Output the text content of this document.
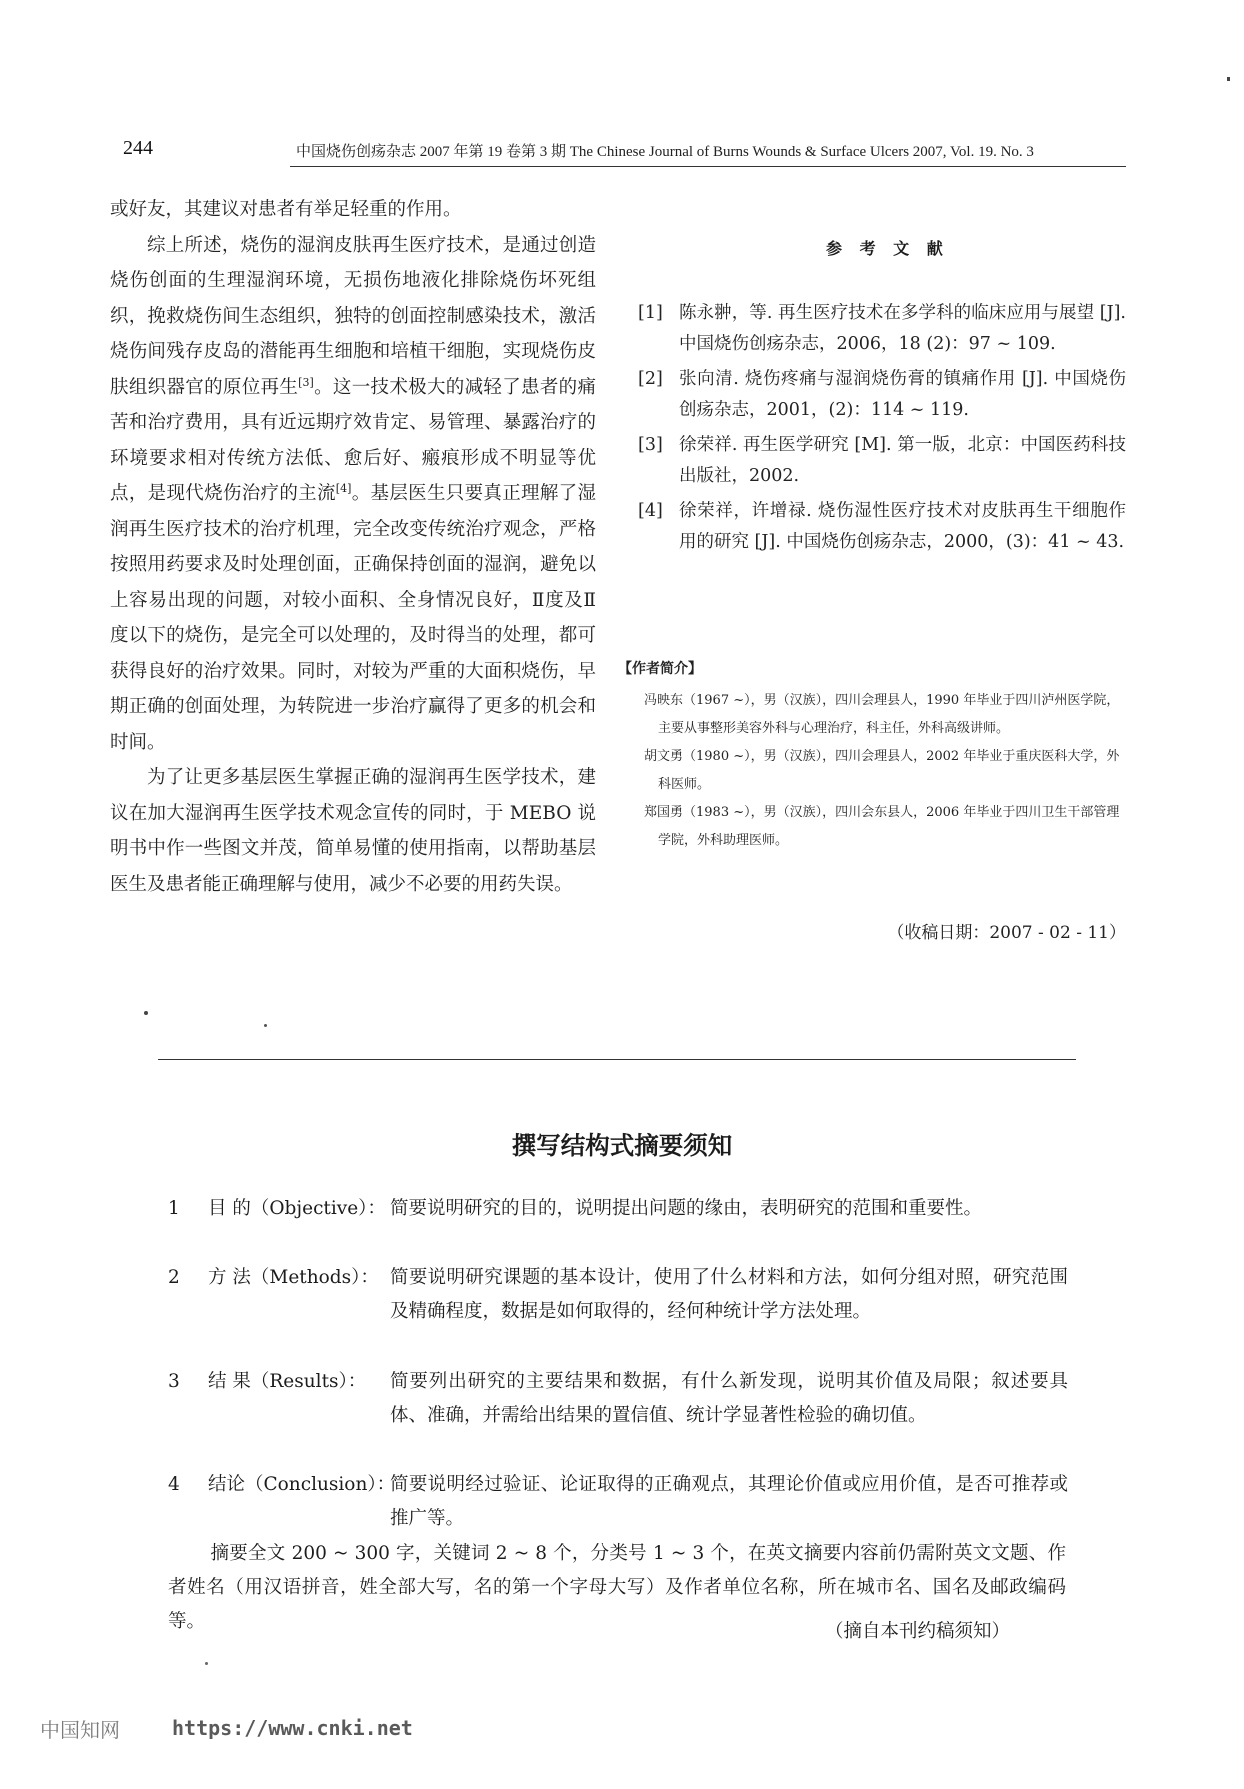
244	中国烧伤创疡杂志 2007 年第 19 卷第 3 期 The Chinese Journal of Burns Wounds & Surface Ulcers 2007, Vol. 19. No. 3

或好友，其建议对患者有举足轻重的作用。

综上所述，烧伤的湿润皮肤再生医疗技术，是通过创造烧伤创面的生理湿润环境，无损伤地液化排除烧伤坏死组织，挽救烧伤间生态组织，独特的创面控制感染技术，激活烧伤间残存皮岛的潜能再生细胞和培植干细胞，实现烧伤皮肤组织器官的原位再生[3]。这一技术极大的减轻了患者的痛苦和治疗费用，具有近远期疗效肯定、易管理、暴露治疗的环境要求相对传统方法低、愈后好、瘢痕形成不明显等优点，是现代烧伤治疗的主流[4]。基层医生只要真正理解了湿润再生医疗技术的治疗机理，完全改变传统治疗观念，严格按照用药要求及时处理创面，正确保持创面的湿润，避免以上容易出现的问题，对较小面积、全身情况良好，Ⅱ度及Ⅱ度以下的烧伤，是完全可以处理的，及时得当的处理，都可获得良好的治疗效果。同时，对较为严重的大面积烧伤，早期正确的创面处理，为转院进一步治疗赢得了更多的机会和时间。

为了让更多基层医生掌握正确的湿润再生医学技术，建议在加大湿润再生医学技术观念宣传的同时，于 MEBO 说明书中作一些图文并茂，简单易懂的使用指南，以帮助基层医生及患者能正确理解与使用，减少不必要的用药失误。

参 考 文 献
[1] 陈永翀，等. 再生医疗技术在多学科的临床应用与展望 [J]. 中国烧伤创疡杂志，2006，18 (2)：97 ~ 109.
[2] 张向清. 烧伤疼痛与湿润烧伤膏的镇痛作用 [J]. 中国烧伤创疡杂志，2001，(2)：114 ~ 119.
[3] 徐荣祥. 再生医学研究 [M]. 第一版，北京：中国医药科技出版社，2002.
[4] 徐荣祥，许增禄. 烧伤湿性医疗技术对皮肤再生干细胞作用的研究 [J]. 中国烧伤创疡杂志，2000，(3)：41 ~ 43.
【作者简介】
冯映东（1967 ~），男（汉族），四川会理县人，1990 年毕业于四川泸州医学院，主要从事整形美容外科与心理治疗，科主任，外科高级讲师。
胡文勇（1980 ~），男（汉族），四川会理县人，2002 年毕业于重庆医科大学，外科医师。
郑国勇（1983 ~），男（汉族），四川会东县人，2006 年毕业于四川卫生干部管理学院，外科助理医师。
（收稿日期：2007 - 02 - 11）
撰写结构式摘要须知
1 目 的（Objective）： 简要说明研究的目的，说明提出问题的缘由，表明研究的范围和重要性。
2 方 法（Methods）： 简要说明研究课题的基本设计，使用了什么材料和方法，如何分组对照，研究范围及精确程度，数据是如何取得的，经何种统计学方法处理。
3 结 果（Results）：	简要列出研究的主要结果和数据，有什么新发现，说明其价值及局限；叙述要具体、准确，并需给出结果的置信值、统计学显著性检验的确切值。
4 结论（Conclusion）：
简要说明经过验证、论证取得的正确观点，其理论价值或应用价值，是否可推荐或推广等。
摘要全文 200 ~ 300 字，关键词 2 ~ 8 个，分类号 1 ~ 3 个，在英文摘要内容前仍需附英文文题、作者姓名（用汉语拼音，姓全部大写，名的第一个字母大写）及作者单位名称，所在城市名、国名及邮政编码等。	（摘自本刊约稿须知）
中国知网	https://www.cnki.net
